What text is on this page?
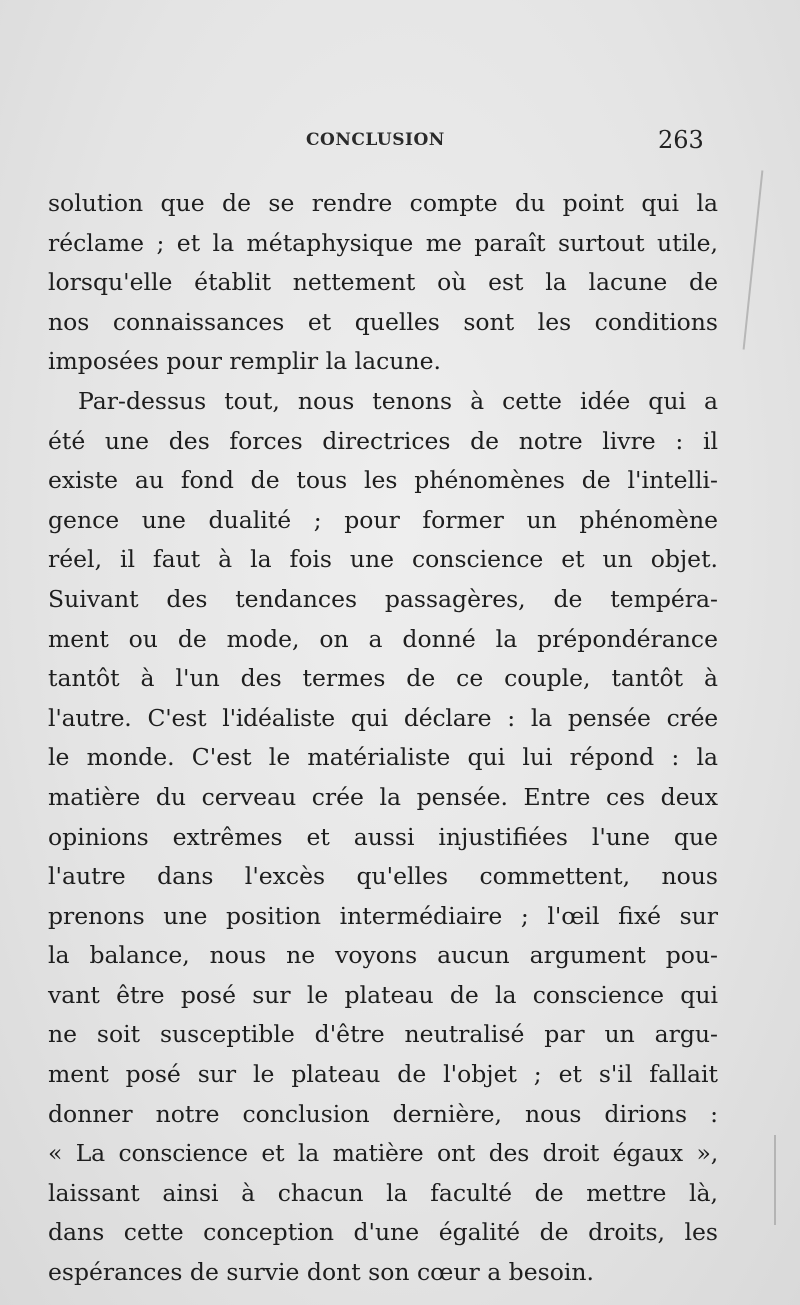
CONCLUSION	263
solution que de se rendre compte du point qui la
réclame ; et la métaphysique me paraît surtout utile,
lorsqu'elle établit nettement où est la lacune de
nos connaissances et quelles sont les conditions
imposées pour remplir la lacune.
Par-dessus tout, nous tenons à cette idée qui a
été une des forces directrices de notre livre : il
existe au fond de tous les phénomènes de l'intelli-
gence une dualité ; pour former un phénomène
réel, il faut à la fois une conscience et un objet.
Suivant des tendances passagères, de tempéra-
ment ou de mode, on a donné la prépondérance
tantôt à l'un des termes de ce couple, tantôt à
l'autre. C'est l'idéaliste qui déclare : la pensée crée
le monde. C'est le matérialiste qui lui répond : la
matière du cerveau crée la pensée. Entre ces deux
opinions extrêmes et aussi injustifiées l'une que
l'autre dans l'excès qu'elles commettent, nous
prenons une position intermédiaire ; l'œil fixé sur
la balance, nous ne voyons aucun argument pou-
vant être posé sur le plateau de la conscience qui
ne soit susceptible d'être neutralisé par un argu-
ment posé sur le plateau de l'objet ; et s'il fallait
donner notre conclusion dernière, nous dirions :
« La conscience et la matière ont des droit égaux »,
laissant ainsi à chacun la faculté de mettre là,
dans cette conception d'une égalité de droits, les
espérances de survie dont son cœur a besoin.
